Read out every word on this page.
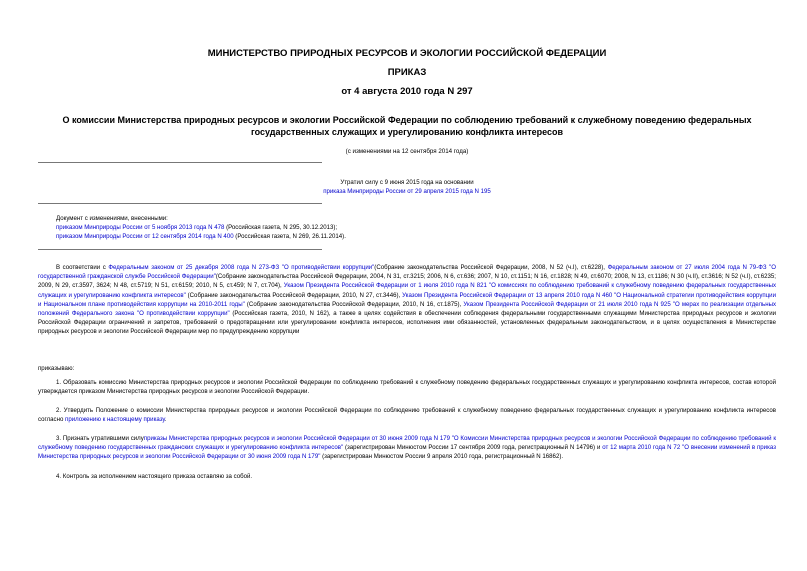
МИНИСТЕРСТВО ПРИРОДНЫХ РЕСУРСОВ И ЭКОЛОГИИ РОССИЙСКОЙ ФЕДЕРАЦИИ
ПРИКАЗ
от 4 августа 2010 года N 297
О комиссии Министерства природных ресурсов и экологии Российской Федерации по соблюдению требований к служебному поведению федеральных государственных служащих и урегулированию конфликта интересов
(с изменениями на 12 сентября 2014 года)
Утратил силу с 9 июня 2015 года на основании
приказа Минприроды России от 29 апреля 2015 года N 195
Документ с изменениями, внесенными:
приказом Минприроды России от 5 ноября 2013 года N 478 (Российская газета, N 295, 30.12.2013);
приказом Минприроды России от 12 сентября 2014 года N 400 (Российская газета, N 269, 26.11.2014).

В соответствии с Федеральным законом от 25 декабря 2008 года N 273-ФЗ "О противодействии коррупции"(Собрание законодательства Российской Федерации, 2008, N 52 (ч.I), ст.6228), Федеральным законом от 27 июля 2004 года N 79-ФЗ "О государственной гражданской службе Российской Федерации"(Собрание законодательства Российской Федерации, 2004, N 31, ст.3215; 2006, N 6, ст.636; 2007, N 10, ст.1151; N 16, ст.1828; N 49, ст.6070; 2008, N 13, ст.1186; N 30 (ч.II), ст.3616; N 52 (ч.I), ст.6235; 2009, N 29, ст.3597, 3624; N 48, ст.5719; N 51, ст.6159; 2010, N 5, ст.459; N 7, ст.704), Указом Президента Российской Федерации от 1 июля 2010 года N 821 "О комиссиях по соблюдению требований к служебному поведению федеральных государственных служащих и урегулированию конфликта интересов" (Собрание законодательства Российской Федерации, 2010, N 27, ст.3446), Указом Президента Российской Федерации от 13 апреля 2010 года N 460 "О Национальной стратегии противодействия коррупции и Национальном плане противодействия коррупции на 2010-2011 годы" (Собрание законодательства Российской Федерации, 2010, N 16, ст.1875), Указом Президента Российской Федерации от 21 июля 2010 года N 925 "О мерах по реализации отдельных положений Федерального закона "О противодействии коррупции" (Российская газета, 2010, N 162), а также в целях содействия в обеспечении соблюдения федеральными государственными служащими Министерства природных ресурсов и экологии Российской Федерации ограничений и запретов, требований о предотвращении или урегулировании конфликта интересов, исполнения ими обязанностей, установленных федеральным законодательством, и в целях осуществления в Министерстве природных ресурсов и экологии Российской Федерации мер по предупреждению коррупции

приказываю:

1. Образовать комиссию Министерства природных ресурсов и экологии Российской Федерации по соблюдению требований к служебному поведению федеральных государственных служащих и урегулированию конфликта интересов, состав которой утверждается приказом Министерства природных ресурсов и экологии Российской Федерации.

2. Утвердить Положение о комиссии Министерства природных ресурсов и экологии Российской Федерации по соблюдению требований к служебному поведению федеральных государственных служащих и урегулированию конфликта интересов согласно приложению к настоящему приказу.

3. Признать утратившими силуприказы Министерства природных ресурсов и экологии Российской Федерации от 30 июня 2009 года N 179 "О Комиссии Министерства природных ресурсов и экологии Российской Федерации по соблюдению требований к служебному поведению государственных гражданских служащих и урегулированию конфликта интересов" (зарегистрирован Минюстом России 17 сентября 2009 года, регистрационный N 14796) и от 12 марта 2010 года N 72 "О внесении изменений в приказ Министерства природных ресурсов и экологии Российской Федерации от 30 июня 2009 года N 179" (зарегистрирован Минюстом России 9 апреля 2010 года, регистрационный N 16862).

4. Контроль за исполнением настоящего приказа оставляю за собой.
